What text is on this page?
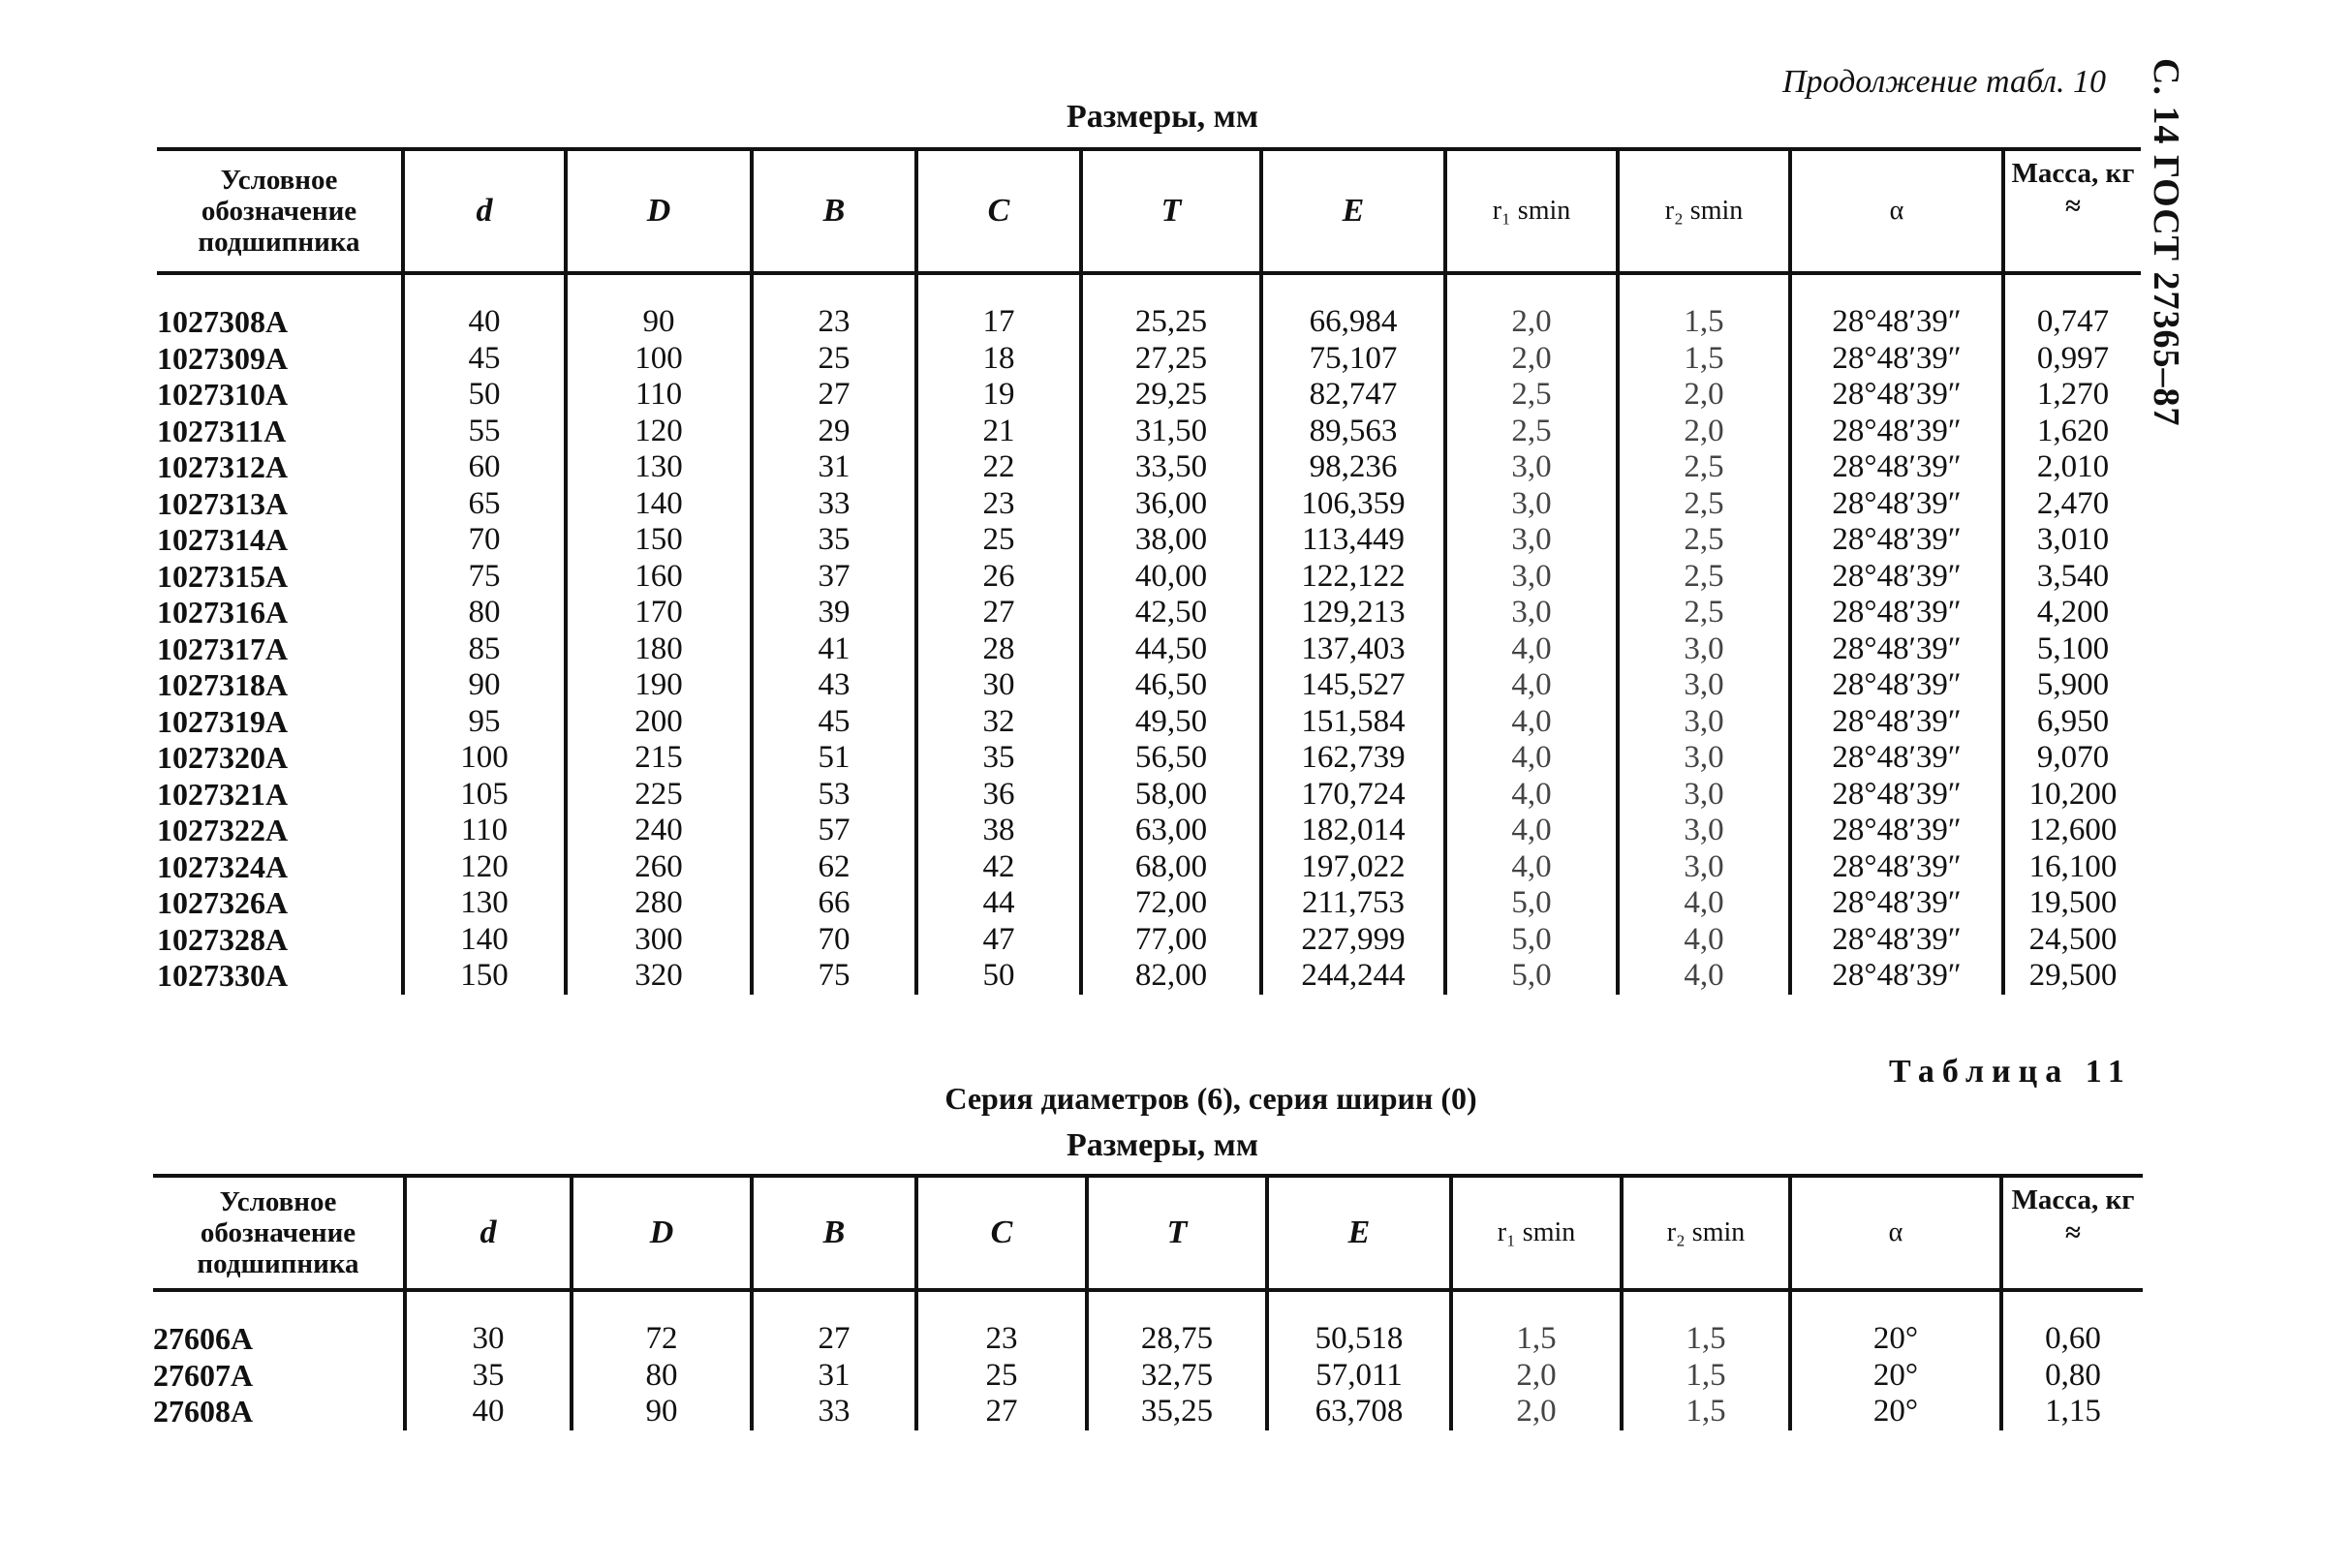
С. 14 ГОСТ 27365–87
Продолжение табл. 10
Размеры, мм
Условное обозначение подшипника	d	D	B	C	T	E	r₁ smin	r₂ smin	α	Масса, кг ≈

1027308A	40	90	23	17	25,25	66,984	2,0	1,5	28°48′39″	0,747
1027309A	45	100	25	18	27,25	75,107	2,0	1,5	28°48′39″	0,997
1027310A	50	110	27	19	29,25	82,747	2,5	2,0	28°48′39″	1,270
1027311A	55	120	29	21	31,50	89,563	2,5	2,0	28°48′39″	1,620
1027312A	60	130	31	22	33,50	98,236	3,0	2,5	28°48′39″	2,010
1027313A	65	140	33	23	36,00	106,359	3,0	2,5	28°48′39″	2,470
1027314A	70	150	35	25	38,00	113,449	3,0	2,5	28°48′39″	3,010
1027315A	75	160	37	26	40,00	122,122	3,0	2,5	28°48′39″	3,540
1027316A	80	170	39	27	42,50	129,213	3,0	2,5	28°48′39″	4,200
1027317A	85	180	41	28	44,50	137,403	4,0	3,0	28°48′39″	5,100
1027318A	90	190	43	30	46,50	145,527	4,0	3,0	28°48′39″	5,900
1027319A	95	200	45	32	49,50	151,584	4,0	3,0	28°48′39″	6,950
1027320A	100	215	51	35	56,50	162,739	4,0	3,0	28°48′39″	9,070
1027321A	105	225	53	36	58,00	170,724	4,0	3,0	28°48′39″	10,200
1027322A	110	240	57	38	63,00	182,014	4,0	3,0	28°48′39″	12,600
1027324A	120	260	62	42	68,00	197,022	4,0	3,0	28°48′39″	16,100
1027326A	130	280	66	44	72,00	211,753	5,0	4,0	28°48′39″	19,500
1027328A	140	300	70	47	77,00	227,999	5,0	4,0	28°48′39″	24,500
1027330A	150	320	75	50	82,00	244,244	5,0	4,0	28°48′39″	29,500
Таблица 11
Серия диаметров (6), серия ширин (0)
Размеры, мм
Условное обозначение подшипника	d	D	B	C	T	E	r₁ smin	r₂ smin	α	Масса, кг ≈

27606A	30	72	27	23	28,75	50,518	1,5	1,5	20°	0,60
27607A	35	80	31	25	32,75	57,011	2,0	1,5	20°	0,80
27608A	40	90	33	27	35,25	63,708	2,0	1,5	20°	1,15
